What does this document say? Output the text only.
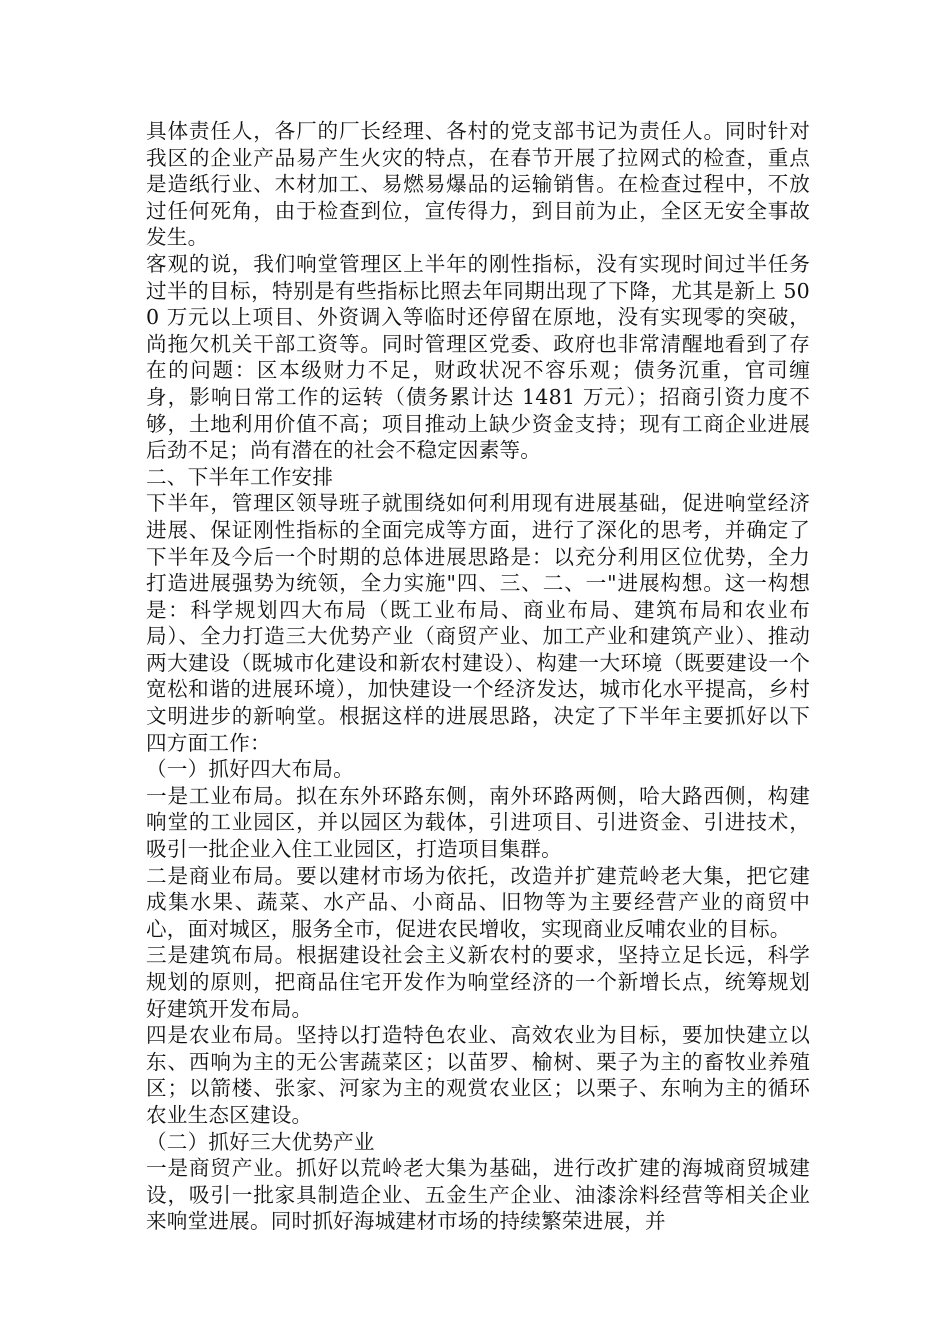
具体责任人，各厂的厂长经理、各村的党支部书记为责任人。同时针对我区的企业产品易产生火灾的特点，在春节开展了拉网式的检查，重点是造纸行业、木材加工、易燃易爆品的运输销售。在检查过程中，不放过任何死角，由于检查到位，宣传得力，到目前为止，全区无安全事故发生。

客观的说，我们响堂管理区上半年的刚性指标，没有实现时间过半任务过半的目标，特别是有些指标比照去年同期出现了下降，尤其是新上 500 万元以上项目、外资调入等临时还停留在原地，没有实现零的突破，尚拖欠机关干部工资等。同时管理区党委、政府也非常清醒地看到了存在的问题：区本级财力不足，财政状况不容乐观；债务沉重，官司缠身，影响日常工作的运转（债务累计达 1481 万元）；招商引资力度不够，土地利用价值不高；项目推动上缺少资金支持；现有工商企业进展后劲不足；尚有潜在的社会不稳定因素等。

二、下半年工作安排

下半年，管理区领导班子就围绕如何利用现有进展基础，促进响堂经济进展、保证刚性指标的全面完成等方面，进行了深化的思考，并确定了下半年及今后一个时期的总体进展思路是：以充分利用区位优势，全力打造进展强势为统领，全力实施"四、三、二、一"进展构想。这一构想是：科学规划四大布局（既工业布局、商业布局、建筑布局和农业布局）、全力打造三大优势产业（商贸产业、加工产业和建筑产业）、推动两大建设（既城市化建设和新农村建设）、构建一大环境（既要建设一个宽松和谐的进展环境），加快建设一个经济发达，城市化水平提高，乡村文明进步的新响堂。根据这样的进展思路，决定了下半年主要抓好以下四方面工作：

（一）抓好四大布局。

一是工业布局。拟在东外环路东侧，南外环路两侧，哈大路西侧，构建响堂的工业园区，并以园区为载体，引进项目、引进资金、引进技术，吸引一批企业入住工业园区，打造项目集群。

二是商业布局。要以建材市场为依托，改造并扩建荒岭老大集，把它建成集水果、蔬菜、水产品、小商品、旧物等为主要经营产业的商贸中心，面对城区，服务全市，促进农民增收，实现商业反哺农业的目标。

三是建筑布局。根据建设社会主义新农村的要求，坚持立足长远，科学规划的原则，把商品住宅开发作为响堂经济的一个新增长点，统筹规划好建筑开发布局。

四是农业布局。坚持以打造特色农业、高效农业为目标，要加快建立以东、西响为主的无公害蔬菜区；以苗罗、榆树、栗子为主的畜牧业养殖区；以箭楼、张家、河家为主的观赏农业区；以栗子、东响为主的循环农业生态区建设。

（二）抓好三大优势产业

一是商贸产业。抓好以荒岭老大集为基础，进行改扩建的海城商贸城建设，吸引一批家具制造企业、五金生产企业、油漆涂料经营等相关企业来响堂进展。同时抓好海城建材市场的持续繁荣进展，并
